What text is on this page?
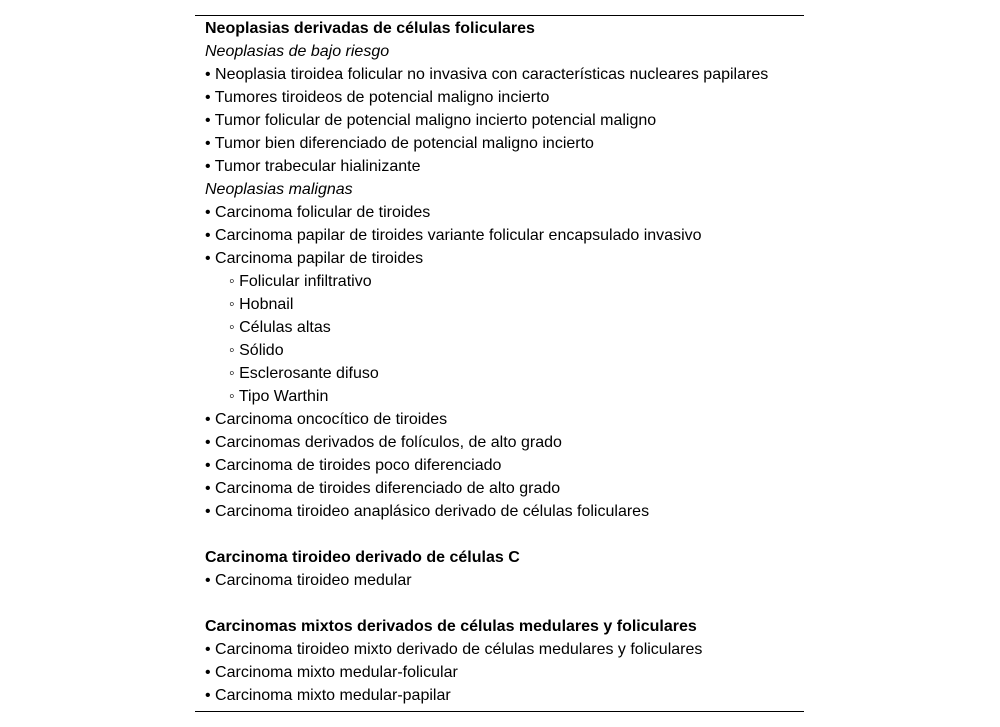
Neoplasias derivadas de células foliculares
Neoplasias de bajo riesgo
• Neoplasia tiroidea folicular no invasiva con características nucleares papilares
• Tumores tiroideos de potencial maligno incierto
• Tumor folicular de potencial maligno incierto potencial maligno
• Tumor bien diferenciado de potencial maligno incierto
• Tumor trabecular hialinizante
Neoplasias malignas
• Carcinoma folicular de tiroides
• Carcinoma papilar de tiroides variante folicular encapsulado invasivo
• Carcinoma papilar de tiroides
◦ Folicular infiltrativo
◦ Hobnail
◦ Células altas
◦ Sólido
◦ Esclerosante difuso
◦ Tipo Warthin
• Carcinoma oncocítico de tiroides
• Carcinomas derivados de folículos, de alto grado
• Carcinoma de tiroides poco diferenciado
• Carcinoma de tiroides diferenciado de alto grado
• Carcinoma tiroideo anaplásico derivado de células foliculares
Carcinoma tiroideo derivado de células C
• Carcinoma tiroideo medular
Carcinomas mixtos derivados de células medulares y foliculares
• Carcinoma tiroideo mixto derivado de células medulares y foliculares
• Carcinoma mixto medular-folicular
• Carcinoma mixto medular-papilar
